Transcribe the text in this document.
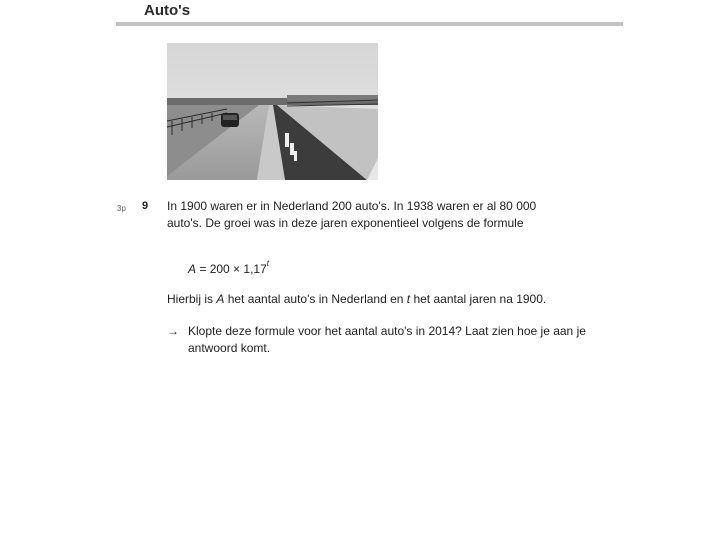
Auto's
3p 9 In 1900 waren er in Nederland 200 auto's. In 1938 waren er al 80 000 auto's. De groei was in deze jaren exponentieel volgens de formule
$A = 200 \times 1,17^t$
Hierbij is A het aantal auto's in Nederland en t het aantal jaren na 1900.
→ Klopte deze formule voor het aantal auto's in 2014? Laat zien hoe je aan je antwoord komt.
